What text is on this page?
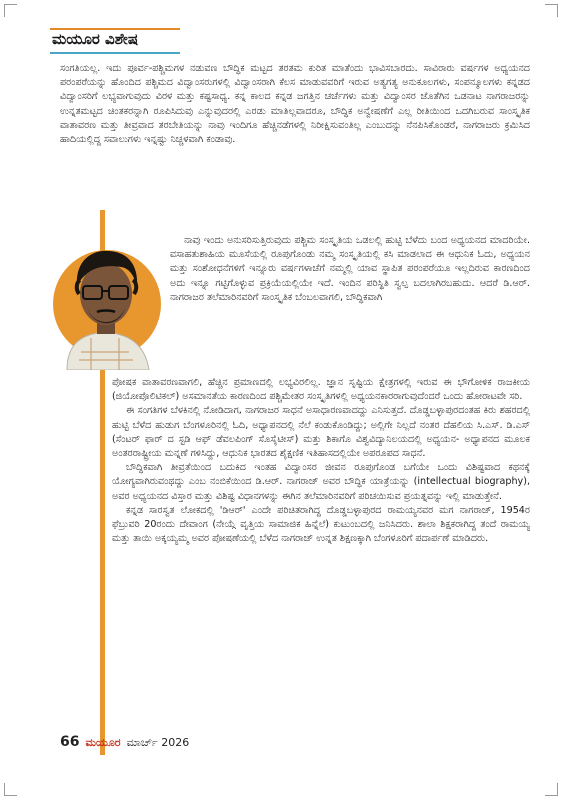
ಮಯೂರ ವಿಶೇಷ

ಸಂಗತಿಯಲ್ಲ. ಇದು ಪೂರ್ವ-ಪಶ್ಚಿಮಗಳ ನಡುವಣ ಬೌದ್ಧಿಕ ಮಟ್ಟದ ತರತಮ ಕುರಿತ ಮಾತೆಂದು ಭಾವಿಸಬಾರದು. ಸಾವಿರಾರು ವರ್ಷಗಳ ಅಧ್ಯಯನದ ಪರಂಪರೆಯನ್ನು ಹೊಂದಿದ ಪಶ್ಚಿಮದ ವಿದ್ವಾಂಸರುಗಳಲ್ಲಿ ವಿದ್ವಾಂಸರಾಗಿ ಕೆಲಸ ಮಾಡುವವರಿಗೆ ಇರುವ ಅತ್ಯಗತ್ಯ ಅನುಕೂಲಗಳು, ಸಂಪನ್ಮೂಲಗಳು ಕನ್ನಡದ ವಿದ್ವಾಂಸರಿಗೆ ಲಭ್ಯವಾಗುವುದು ವಿರಳ ಮತ್ತು ಕಷ್ಟಸಾಧ್ಯ. ಕನ್ನ ಕಾಲದ ಕನ್ನಡ ಜಗತ್ತಿನ ಚರ್ಚೆಗಳು ಮತ್ತು ವಿದ್ವಾಂಸರ ಜೊತೆಗಿನ ಒಡನಾಟ ನಾಗರಾಜರನ್ನು ಉನ್ನತಮಟ್ಟದ ಚಿಂತಕರನ್ನಾಗಿ ರೂಪಿಸಿದುವು ಎನ್ನುವುದರಲ್ಲಿ ಎರಡು ಮಾತಿಲ್ಲವಾದರೂ, ಬೌದ್ಧಿಕ ಅನ್ವೇಷಣೆಗೆ ಎಲ್ಲ ರೀತಿಯಿಂದ ಒದಗಿಬರುವ ಸಾಂಸ್ಕೃತಿಕ ವಾತಾವರಣ ಮತ್ತು ತೀವ್ರವಾದ ತರಬೇತಿಯನ್ನು ನಾವು ಇಂದಿಗೂ ಹೆಚ್ಚಿನಡೆಗಳಲ್ಲಿ ನಿರೀಕ್ಷಿಸುವಂತಿಲ್ಲ ಎಂಬುದನ್ನು ನೆನಪಿಸಿಕೊಂಡರೆ, ನಾಗರಾಜರು ಕ್ರಮಿಸಿದ ಹಾದಿಯಲ್ಲಿದ್ದ ಸವಾಲುಗಳು ಇನ್ನಷ್ಟು ನಿಚ್ಚಳವಾಗಿ ಕಂಡಾವು.

ನಾವು ಇಂದು ಅನುಸರಿಸುತ್ತಿರುವುದು ಪಶ್ಚಿಮ ಸಂಸ್ಕೃತಿಯ ಒಡಲಲ್ಲಿ ಹುಟ್ಟಿ ಬೆಳೆದು ಬಂದ ಅಧ್ಯಯನದ ಮಾದರಿಯೇ. ವಸಾಹತುಶಾಹಿಯ ಮೂಸೆಯಲ್ಲಿ ರೂಪುಗೊಂಡು ನಮ್ಮ ಸಂಸ್ಕೃತಿಯಲ್ಲಿ ಕಸಿ ಮಾಡಲಾದ ಈ ಆಧುನಿಕ ಓದು, ಅಧ್ಯಯನ ಮತ್ತು ಸಂಶೋಧನೆಗಳಿಗೆ ಇನ್ನೂರು ವರ್ಷಗಳಾಚೆಗೆ ನಮ್ಮಲ್ಲಿ ಯಾವ ಸ್ಥಾಪಿತ ಪರಂಪರೆಯೂ ಇಲ್ಲದಿರುವ ಕಾರಣದಿಂದ ಅದು ಇನ್ನೂ ಗಟ್ಟಿಗೊಳ್ಳುವ ಪ್ರಕ್ರಿಯೆಯಲ್ಲಿಯೇ ಇದೆ. ಇಂದಿನ ಪರಿಸ್ಥಿತಿ ಸ್ವಲ್ಪ ಬದಲಾಗಿರಬಹುದು. ಆದರೆ ಡಿ.ಆರ್. ನಾಗರಾಜರ ತಲೆಮಾರಿನವರಿಗೆ ಸಾಂಸ್ಕೃತಿಕ ಬೆಂಬಲವಾಗಲಿ, ಬೌದ್ಧಿಕವಾಗಿ

ಪೋಷಕ ವಾತಾವರಣವಾಗಲಿ, ಹೆಚ್ಚಿನ ಪ್ರಮಾಣದಲ್ಲಿ ಲಭ್ಯವಿರಲಿಲ್ಲ. ಜ್ಞಾನ ಸೃಷ್ಟಿಯ ಕ್ಷೇತ್ರಗಳಲ್ಲಿ ಇರುವ ಈ ಭೌಗೋಳಿಕ ರಾಜಕೀಯ (ಜಿಯೋಪೊಲಿಟಿಕಲ್) ಅಸಮಾನತೆಯ ಕಾರಣದಿಂದ ಪಶ್ಚಿಮೇತರ ಸಂಸ್ಕೃತಿಗಳಲ್ಲಿ ಅಧ್ಯಯನಕಾರರಾಗುವುದೆಂದರೆ ಒಂದು ಹೋರಾಟವೇ ಸರಿ.

ಈ ಸಂಗತಿಗಳ ಬೆಳಕಿನಲ್ಲಿ ನೋಡಿದಾಗ, ನಾಗರಾಜರ ಸಾಧನೆ ಅಸಾಧಾರಣವಾದದ್ದು ಎನಿಸುತ್ತದೆ. ದೊಡ್ಡಬಳ್ಳಾಪುರದಂತಹ ಕಿರು ಶಹರದಲ್ಲಿ ಹುಟ್ಟಿ ಬೆಳೆದ ಹುಡುಗ ಬೆಂಗಳೂರಿನಲ್ಲಿ ಓದಿ, ಅಧ್ಯಾಪನದಲ್ಲಿ ನೆಲೆ ಕಂಡುಕೊಂಡಿದ್ದು; ಅಲ್ಲಿಗೇ ನಿಲ್ಲದೆ ನಂತರ ದೆಹಲಿಯ ಸಿ.ಎಸ್. ಡಿ.ಎಸ್ (ಸೆಂಟರ್ ಫಾರ್ ದ ಸ್ಟಡಿ ಆಫ್ ಡೆವಲಪಿಂಗ್ ಸೊಸೈಟೀಸ್) ಮತ್ತು ಶಿಕಾಗೊ ವಿಶ್ವವಿದ್ಯಾನಿಲಯದಲ್ಲಿ ಅಧ್ಯಯನ- ಅಧ್ಯಾಪನದ ಮೂಲಕ ಅಂತರರಾಷ್ಟ್ರೀಯ ಮನ್ನಣೆ ಗಳಿಸಿದ್ದು, ಆಧುನಿಕ ಭಾರತದ ಶೈಕ್ಷಣಿಕ ಇತಿಹಾಸದಲ್ಲಿಯೇ ಅಪರೂಪದ ಸಾಧನೆ.

ಬೌದ್ಧಿಕವಾಗಿ ತೀವ್ರತೆಯಿಂದ ಬದುಕಿದ ಇಂತಹ ವಿದ್ವಾಂಸರ ಜೀವನ ರೂಪುಗೊಂಡ ಬಗೆಯೇ ಒಂದು ವಿಶಿಷ್ಟವಾದ ಕಥನಕ್ಕೆ ಯೋಗ್ಯವಾಗಿರುವಂಥದ್ದು ಎಂಬ ನಂಬಿಕೆಯಿಂದ ಡಿ.ಆರ್. ನಾಗರಾಜ್ ಅವರ ಬೌದ್ಧಿಕ ಯಾತ್ರೆಯನ್ನು (intellectual biography), ಅವರ ಅಧ್ಯಯನದ ವಿಸ್ತಾರ ಮತ್ತು ವಿಶಿಷ್ಟ ವಿಧಾನಗಳನ್ನು ಈಗಿನ ತಲೆಮಾರಿನವರಿಗೆ ಪರಿಚಯಿಸುವ ಪ್ರಯತ್ನವನ್ನು ಇಲ್ಲಿ ಮಾಡುತ್ತೇನೆ.

ಕನ್ನಡ ಸಾರಸ್ವತ ಲೋಕದಲ್ಲಿ 'ಡಿಆರ್' ಎಂದೇ ಪರಿಚಿತರಾಗಿದ್ದ ದೊಡ್ಡಬಳ್ಳಾಪುರದ ರಾಮಯ್ಯನವರ ಮಗ ನಾಗರಾಜ್, 1954ರ ಫೆಬ್ರುವರಿ 20ರಂದು ದೇವಾಂಗ (ನೇಯ್ಗೆ ವೃತ್ತಿಯ ಸಾಮಾಜಿಕ ಹಿನ್ನೆಲೆ) ಕುಟುಂಬದಲ್ಲಿ ಜನಿಸಿದರು. ಶಾಲಾ ಶಿಕ್ಷಕರಾಗಿದ್ದ ತಂದೆ ರಾಮಯ್ಯ ಮತ್ತು ತಾಯಿ ಅಕ್ಕಯ್ಯಮ್ಮ ಅವರ ಪೋಷಣೆಯಲ್ಲಿ ಬೆಳೆದ ನಾಗರಾಜ್ ಉನ್ನತ ಶಿಕ್ಷಣಕ್ಕಾಗಿ ಬೆಂಗಳೂರಿಗೆ ಪದಾರ್ಪಣೆ ಮಾಡಿದರು.

66 ಮಯೂರ ಮಾರ್ಚ್ 2026
